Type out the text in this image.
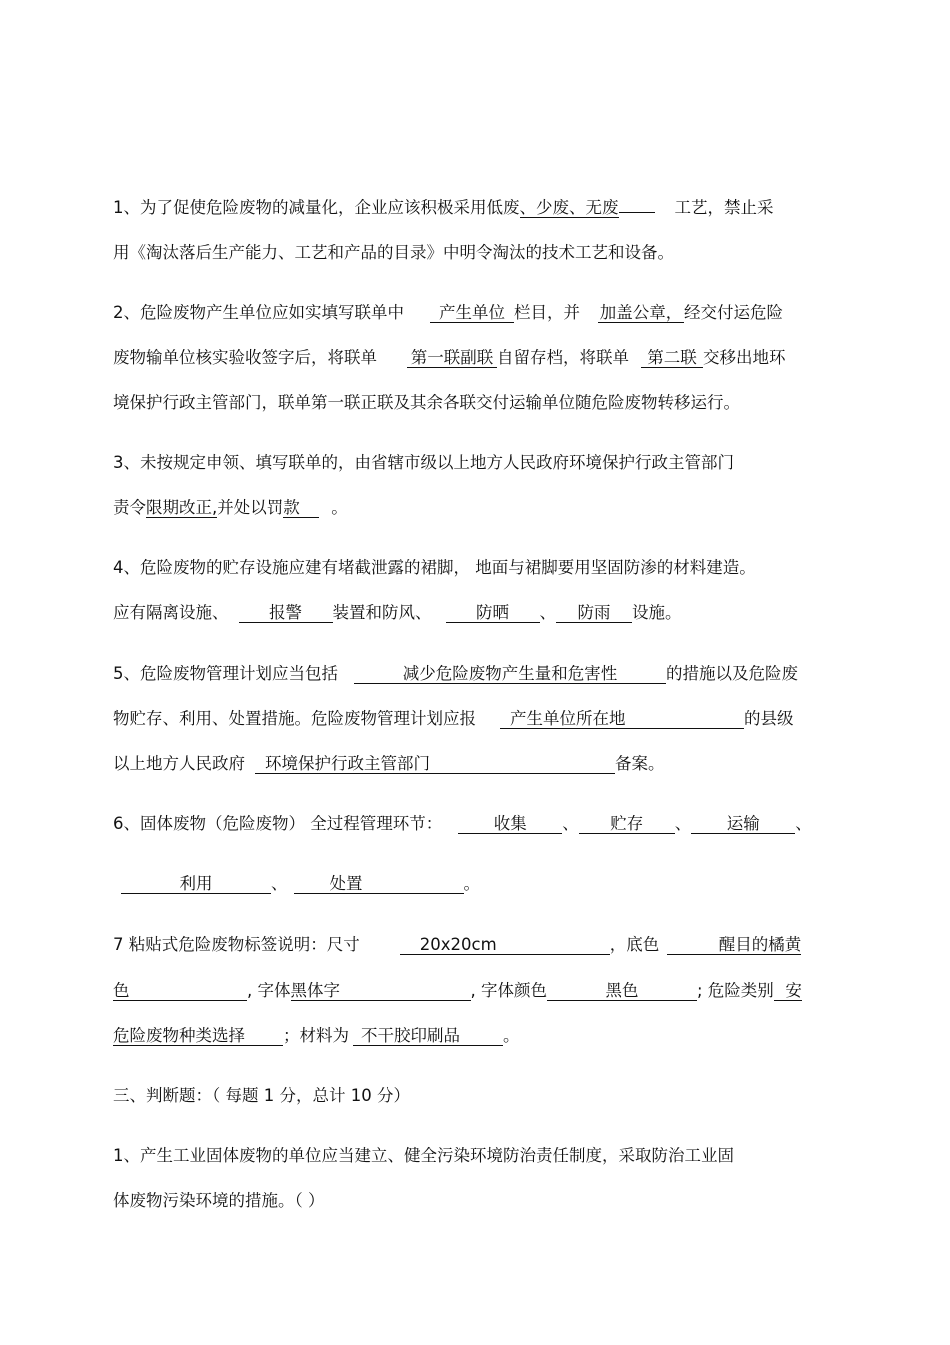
1、为了促使危险废物的减量化，企业应该积极采用低废、少废、无废	工艺，禁止采
用《淘汰落后生产能力、工艺和产品的目录》中明令淘汰的技术工艺和设备。
2、危险废物产生单位应如实填写联单中 产生单位 栏目，并 加盖公章， 经交付运危险
废物输单位核实验收签字后，将联单 第一联副联 自留存档，将联单 第二联 交移出地环
境保护行政主管部门，联单第一联正联及其余各联交付运输单位随危险废物转移运行。
3、未按规定申领、填写联单的，由省辖市级以上地方人民政府环境保护行政主管部门
责令限期改正,并处以罚款 。
4、危险废物的贮存设施应建有堵截泄露的裙脚， 地面与裙脚要用坚固防渗的材料建造。
应有隔离设施、 报警 装置和防风、	防晒 、 防雨 设施。
5、危险废物管理计划应当包括	减少危险废物产生量和危害性	的措施以及危险废
物贮存、利用、处置措施。危险废物管理计划应报 产生单位所在地	的县级
以上地方人民政府 环境保护行政主管部门	备案。
6、固体废物（危险废物） 全过程管理环节：	收集 、 贮存 、 运输 、
利用	、	处置	。
7 粘贴式危险废物标签说明：尺寸	20x20cm	，底色	醒目的橘黄
色	, 字体黑体字	, 字体颜色	黑色	; 危险类别 安
危险废物种类选择 ；材料为 不干胶印刷品	。
三、判断题：（ 每题 1 分，总计 10 分）
1、产生工业固体废物的单位应当建立、健全污染环境防治责任制度，采取防治工业固
体废物污染环境的措施。（ ）
